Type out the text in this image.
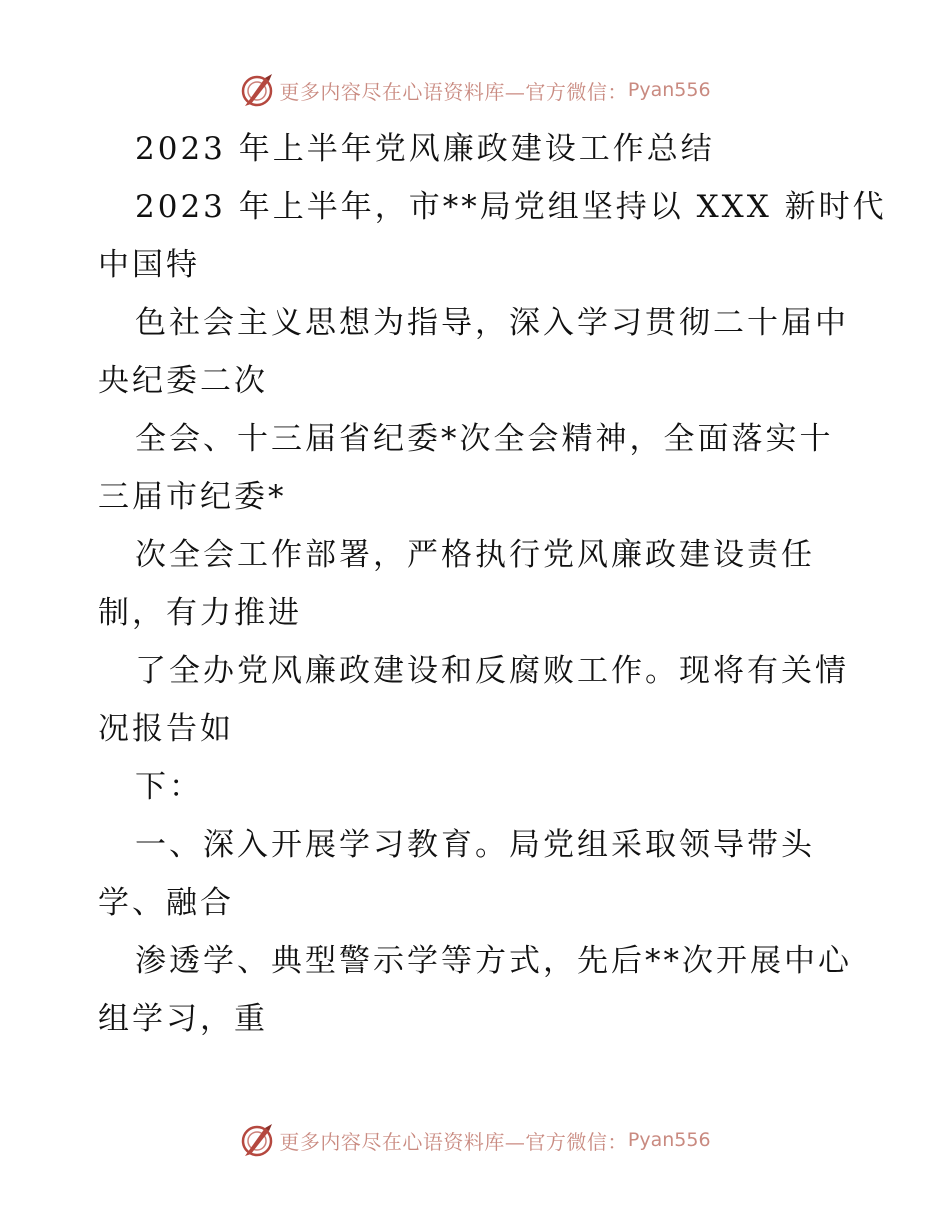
更多内容尽在心语资料库—官方微信： Pyan556
2023 年上半年党风廉政建设工作总结
2023 年上半年，市**局党组坚持以 XXX 新时代
中国特
色社会主义思想为指导，深入学习贯彻二十届中
央纪委二次
全会、十三届省纪委*次全会精神，全面落实十
三届市纪委*
次全会工作部署，严格执行党风廉政建设责任
制，有力推进
了全办党风廉政建设和反腐败工作。现将有关情
况报告如
下：
一、深入开展学习教育。局党组采取领导带头
学、融合
渗透学、典型警示学等方式，先后**次开展中心
组学习，重
更多内容尽在心语资料库—官方微信： Pyan556
